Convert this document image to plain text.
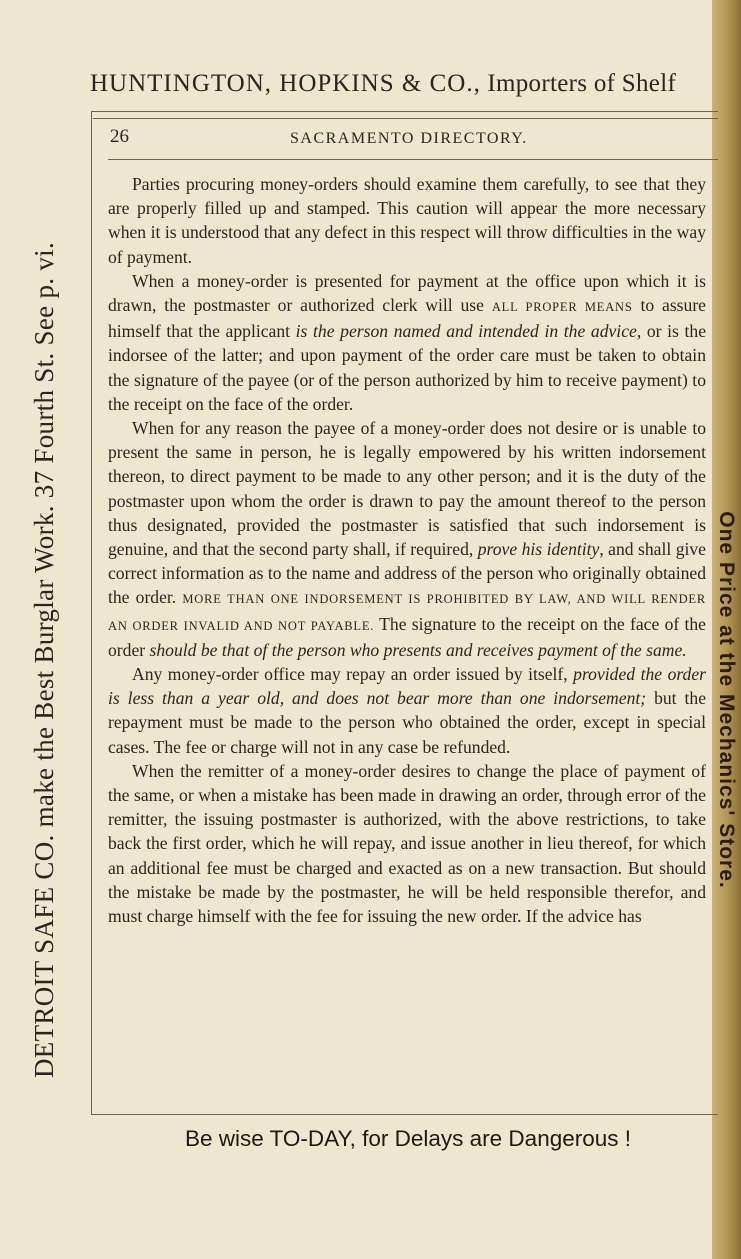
DETROIT SAFE CO. make the Best Burglar Work. 37 Fourth St. See p. vi.
HUNTINGTON, HOPKINS & CO., Importers of Shelf
One Price at the Mechanics' Store.
26	SACRAMENTO DIRECTORY.

Parties procuring money-orders should examine them carefully, to see that they are properly filled up and stamped. This caution will appear the more necessary when it is understood that any defect in this respect will throw difficulties in the way of payment.

When a money-order is presented for payment at the office upon which it is drawn, the postmaster or authorized clerk will use ALL PROPER MEANS to assure himself that the applicant is the person named and intended in the advice, or is the indorsee of the latter; and upon payment of the order care must be taken to obtain the signature of the payee (or of the person authorized by him to receive payment) to the receipt on the face of the order.

When for any reason the payee of a money-order does not desire or is unable to present the same in person, he is legally empowered by his written indorsement thereon, to direct payment to be made to any other person; and it is the duty of the postmaster upon whom the order is drawn to pay the amount thereof to the person thus designated, provided the postmaster is satisfied that such indorsement is genuine, and that the second party shall, if required, prove his identity, and shall give correct information as to the name and address of the person who originally obtained the order. MORE THAN ONE INDORSEMENT IS PROHIBITED BY LAW, AND WILL RENDER AN ORDER INVALID AND NOT PAYABLE. The signature to the receipt on the face of the order should be that of the person who presents and receives payment of the same.

Any money-order office may repay an order issued by itself, provided the order is less than a year old, and does not bear more than one indorsement; but the repayment must be made to the person who obtained the order, except in special cases. The fee or charge will not in any case be refunded.

When the remitter of a money-order desires to change the place of payment of the same, or when a mistake has been made in drawing an order, through error of the remitter, the issuing postmaster is authorized, with the above restrictions, to take back the first order, which he will repay, and issue another in lieu thereof, for which an additional fee must be charged and exacted as on a new transaction. But should the mistake be made by the postmaster, he will be held responsible therefor, and must charge himself with the fee for issuing the new order. If the advice has

Be wise TO-DAY, for Delays are Dangerous !
